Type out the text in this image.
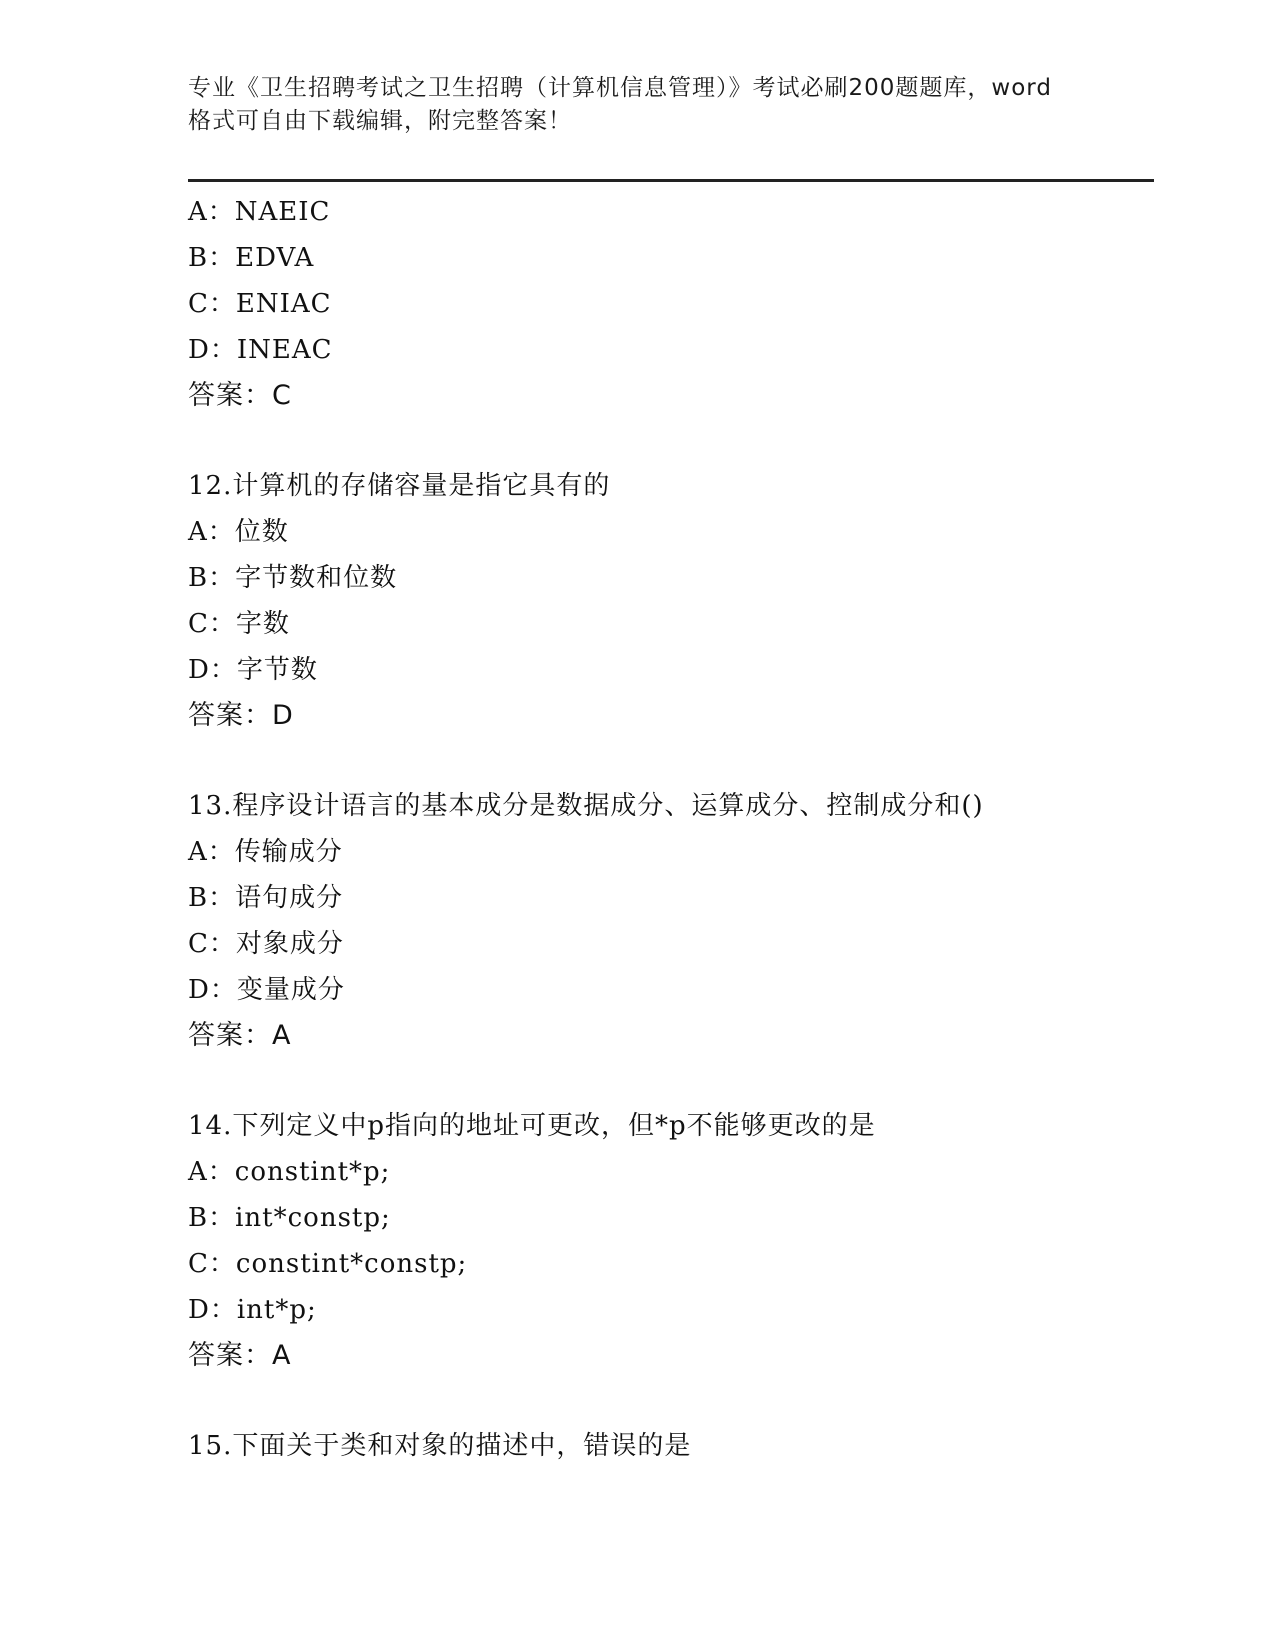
专业《卫生招聘考试之卫生招聘（计算机信息管理）》考试必刷200题题库，word
格式可自由下载编辑，附完整答案！
A：NAEIC
B：EDVA
C：ENIAC
D：INEAC
答案：C
12.计算机的存储容量是指它具有的
A：位数
B：字节数和位数
C：字数
D：字节数
答案：D
13.程序设计语言的基本成分是数据成分、运算成分、控制成分和()
A：传输成分
B：语句成分
C：对象成分
D：变量成分
答案：A
14.下列定义中p指向的地址可更改，但*p不能够更改的是
A：constint*p;
B：int*constp;
C：constint*constp;
D：int*p;
答案：A
15.下面关于类和对象的描述中，错误的是
